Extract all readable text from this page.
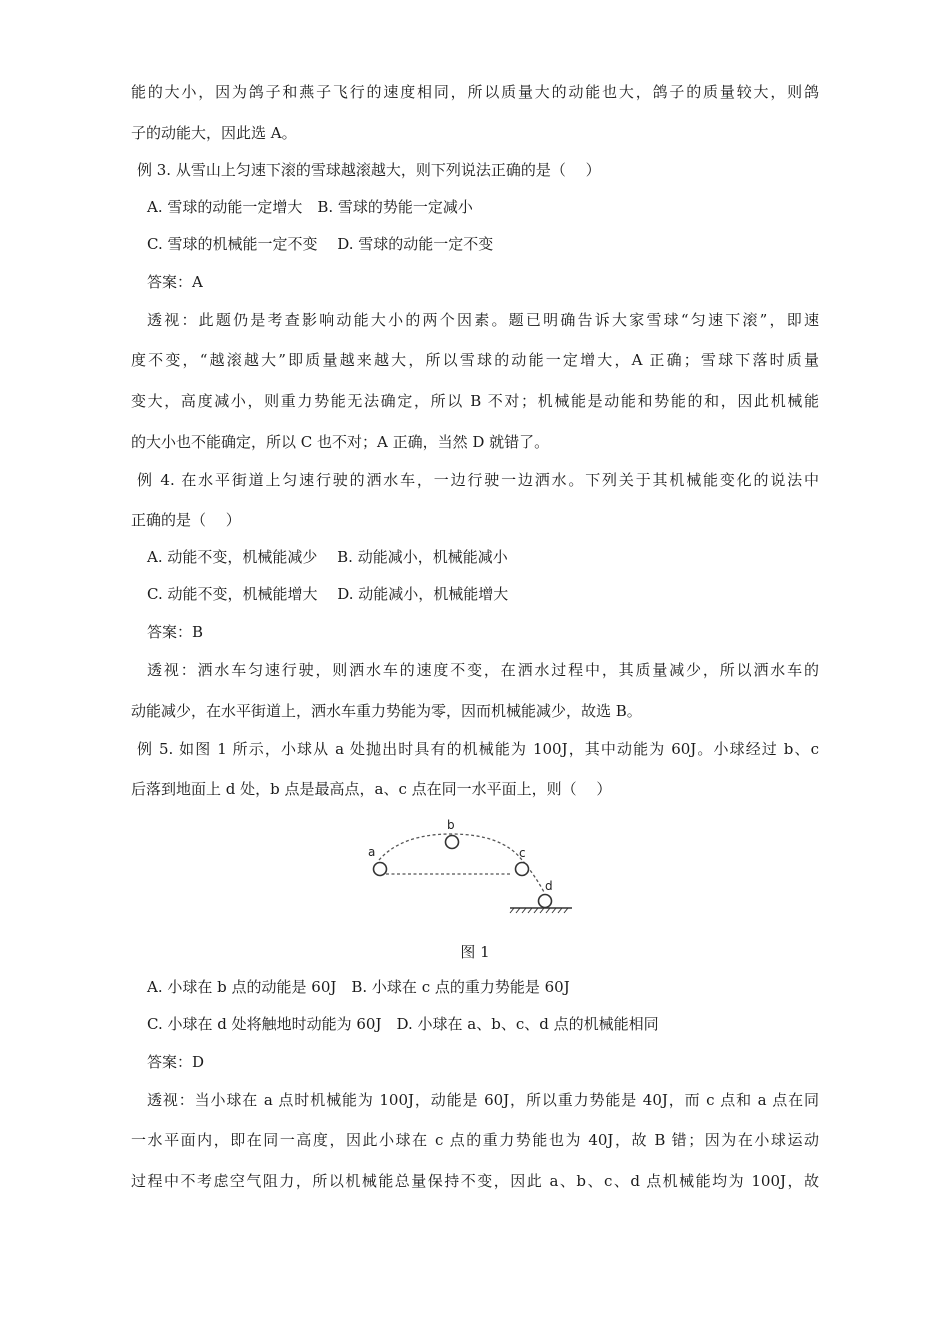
能的大小，因为鸽子和燕子飞行的速度相同，所以质量大的动能也大，鸽子的质量较大，则鸽
子的动能大，因此选 A。
例 3. 从雪山上匀速下滚的雪球越滚越大，则下列说法正确的是（　 ）
A. 雪球的动能一定增大　B. 雪球的势能一定减小
C. 雪球的机械能一定不变　 D. 雪球的动能一定不变
答案：A
透视：此题仍是考查影响动能大小的两个因素。题已明确告诉大家雪球“匀速下滚”，即速
度不变，“越滚越大”即质量越来越大，所以雪球的动能一定增大，A 正确；雪球下落时质量
变大，高度减小，则重力势能无法确定，所以 B 不对；机械能是动能和势能的和，因此机械能
的大小也不能确定，所以 C 也不对；A 正确，当然 D 就错了。
例 4. 在水平街道上匀速行驶的洒水车，一边行驶一边洒水。下列关于其机械能变化的说法中
正确的是（　 ）
A. 动能不变，机械能减少　 B. 动能减小，机械能减小
C. 动能不变，机械能增大　 D. 动能减小，机械能增大
答案：B
透视：洒水车匀速行驶，则洒水车的速度不变，在洒水过程中，其质量减少，所以洒水车的
动能减少，在水平街道上，洒水车重力势能为零，因而机械能减少，故选 B。
例 5. 如图 1 所示，小球从 a 处抛出时具有的机械能为 100J，其中动能为 60J。小球经过 b、c
后落到地面上 d 处，b 点是最高点，a、c 点在同一水平面上，则（　 ）
a
b
c
d
图 1
A. 小球在 b 点的动能是 60J　B. 小球在 c 点的重力势能是 60J
C. 小球在 d 处将触地时动能为 60J　D. 小球在 a、b、c、d 点的机械能相同
答案：D
透视：当小球在 a 点时机械能为 100J，动能是 60J，所以重力势能是 40J，而 c 点和 a 点在同
一水平面内，即在同一高度，因此小球在 c 点的重力势能也为 40J，故 B 错；因为在小球运动
过程中不考虑空气阻力，所以机械能总量保持不变，因此 a、b、c、d 点机械能均为 100J，故
